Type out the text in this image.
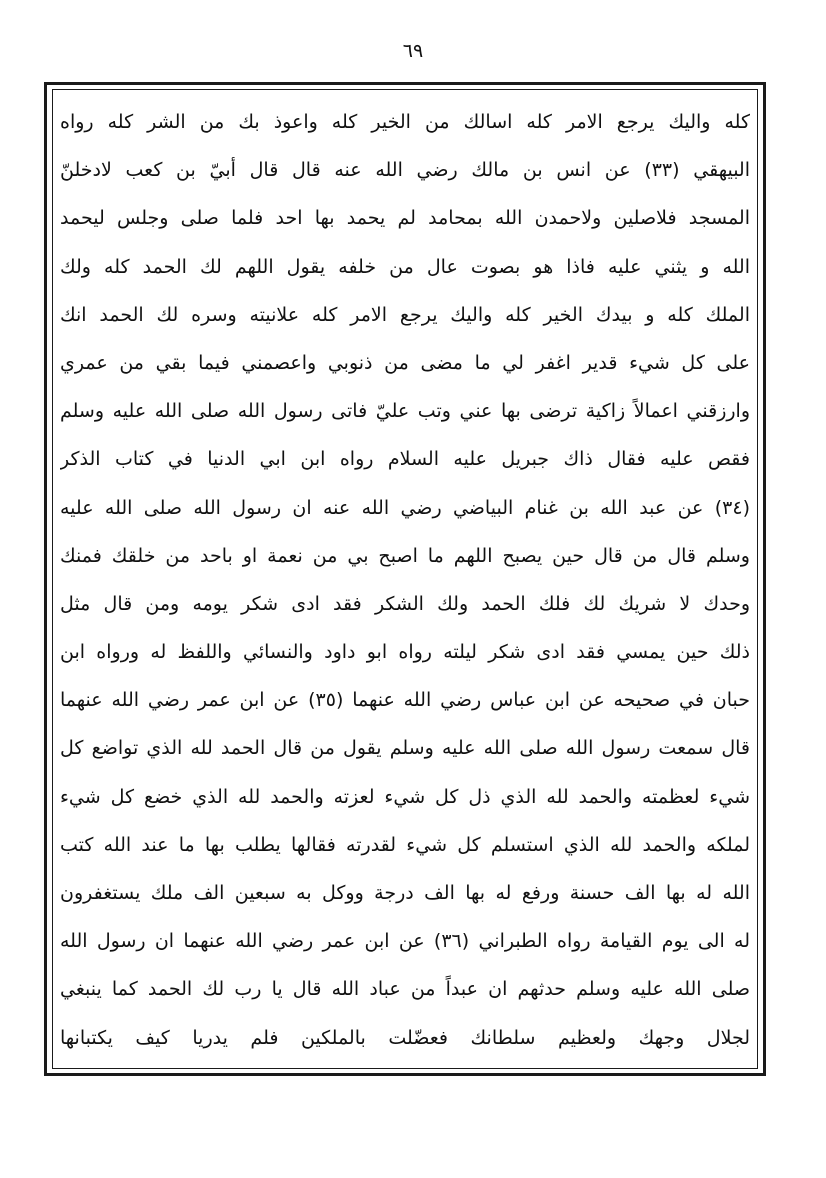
٦٩
كله واليك يرجع الامر كله اسالك من الخير كله واعوذ بك من الشر كله رواه
البيهقي (٣٣) عن انس بن مالك رضي الله عنه قال قال أبيّ بن كعب لادخلنّ
المسجد فلاصلين ولاحمدن الله بمحامد لم يحمد بها احد فلما صلى وجلس ليحمد
الله و يثني عليه فاذا هو بصوت عال من خلفه يقول اللهم لك الحمد كله ولك
الملك كله و بيدك الخير كله واليك يرجع الامر كله علانيته وسره لك الحمد انك
على كل شيء قدير اغفر لي ما مضى من ذنوبي واعصمني فيما بقي من عمري
وارزقني اعمالاً زاكية ترضى بها عني وتب عليّ فاتى رسول الله صلى الله عليه وسلم
فقص عليه فقال ذاك جبريل عليه السلام رواه ابن ابي الدنيا في كتاب الذكر
(٣٤) عن عبد الله بن غنام البياضي رضي الله عنه ان رسول الله صلى الله عليه
وسلم قال من قال حين يصبح اللهم ما اصبح بي من نعمة او باحد من خلقك فمنك
وحدك لا شريك لك فلك الحمد ولك الشكر فقد ادى شكر يومه ومن قال مثل
ذلك حين يمسي فقد ادى شكر ليلته رواه ابو داود والنسائي واللفظ له ورواه ابن
حبان في صحيحه عن ابن عباس رضي الله عنهما (٣٥) عن ابن عمر رضي الله عنهما
قال سمعت رسول الله صلى الله عليه وسلم يقول من قال الحمد لله الذي تواضع كل
شيء لعظمته والحمد لله الذي ذل كل شيء لعزته والحمد لله الذي خضع كل شيء
لملكه والحمد لله الذي استسلم كل شيء لقدرته فقالها يطلب بها ما عند الله كتب
الله له بها الف حسنة ورفع له بها الف درجة ووكل به سبعين الف ملك يستغفرون
له الى يوم القيامة رواه الطبراني (٣٦) عن ابن عمر رضي الله عنهما ان رسول الله
صلى الله عليه وسلم حدثهم ان عبداً من عباد الله قال يا رب لك الحمد كما ينبغي
لجلال وجهك ولعظيم سلطانك فعضّلت بالملكين فلم يدريا كيف يكتبانها
